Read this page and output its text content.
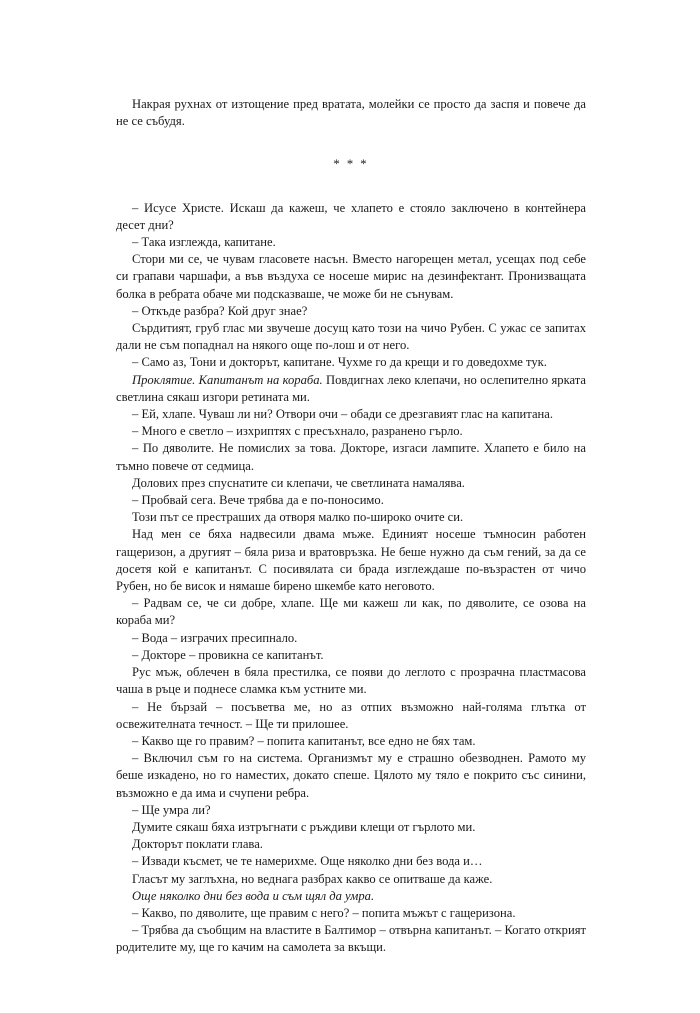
Накрая рухнах от изтощение пред вратата, молейки се просто да заспя и повече да не се събудя.

* * *

– Исусе Христе. Искаш да кажеш, че хлапето е стояло заключено в контейнера десет дни?

– Така изглежда, капитане.

Стори ми се, че чувам гласовете насън. Вместо нагорещен метал, усещах под себе си грапави чаршафи, а във въздуха се носеше мирис на дезинфектант. Пронизващата болка в ребрата обаче ми подсказваше, че може би не сънувам.

– Откъде разбра? Кой друг знае?

Сърдитият, груб глас ми звучеше досущ като този на чичо Рубен. С ужас се запитах дали не съм попаднал на някого още по-лош и от него.

– Само аз, Тони и докторът, капитане. Чухме го да крещи и го доведохме тук.

Проклятие. Капитанът на кораба. Повдигнах леко клепачи, но ослепително ярката светлина сякаш изгори ретината ми.

– Ей, хлапе. Чуваш ли ни? Отвори очи – обади се дрезгавият глас на капитана.

– Много е светло – изхриптях с пресъхнало, разранено гърло.

– По дяволите. Не помислих за това. Докторе, изгаси лампите. Хлапето е било на тъмно повече от седмица.

Долових през спуснатите си клепачи, че светлината намалява.

– Пробвай сега. Вече трябва да е по-поносимо.

Този път се престраших да отворя малко по-широко очите си.

Над мен се бяха надвесили двама мъже. Единият носеше тъмносин работен гащеризон, а другият – бяла риза и вратовръзка. Не беше нужно да съм гений, за да се досетя кой е капитанът. С посивялата си брада изглеждаше по-възрастен от чичо Рубен, но бе висок и нямаше бирено шкембе като неговото.

– Радвам се, че си добре, хлапе. Ще ми кажеш ли как, по дяволите, се озова на кораба ми?

– Вода – изграчих пресипнало.

– Докторе – провикна се капитанът.

Рус мъж, облечен в бяла престилка, се появи до леглото с прозрачна пластмасова чаша в ръце и поднесе сламка към устните ми.

– Не бързай – посъветва ме, но аз отпих възможно най-голяма глътка от освежителната течност. – Ще ти прилошее.

– Какво ще го правим? – попита капитанът, все едно не бях там.

– Включил съм го на система. Организмът му е страшно обезводнен. Рамото му беше изкадено, но го наместих, докато спеше. Цялото му тяло е покрито със синини, възможно е да има и счупени ребра.

– Ще умра ли?

Думите сякаш бяха изтръгнати с ръждиви клещи от гърлото ми.

Докторът поклати глава.

– Извади късмет, че те намерихме. Още няколко дни без вода и…

Гласът му заглъхна, но веднага разбрах какво се опитваше да каже.

Още няколко дни без вода и съм щял да умра.

– Какво, по дяволите, ще правим с него? – попита мъжът с гащеризона.

– Трябва да съобщим на властите в Балтимор – отвърна капитанът. – Когато открият родителите му, ще го качим на самолета за вкъщи.
